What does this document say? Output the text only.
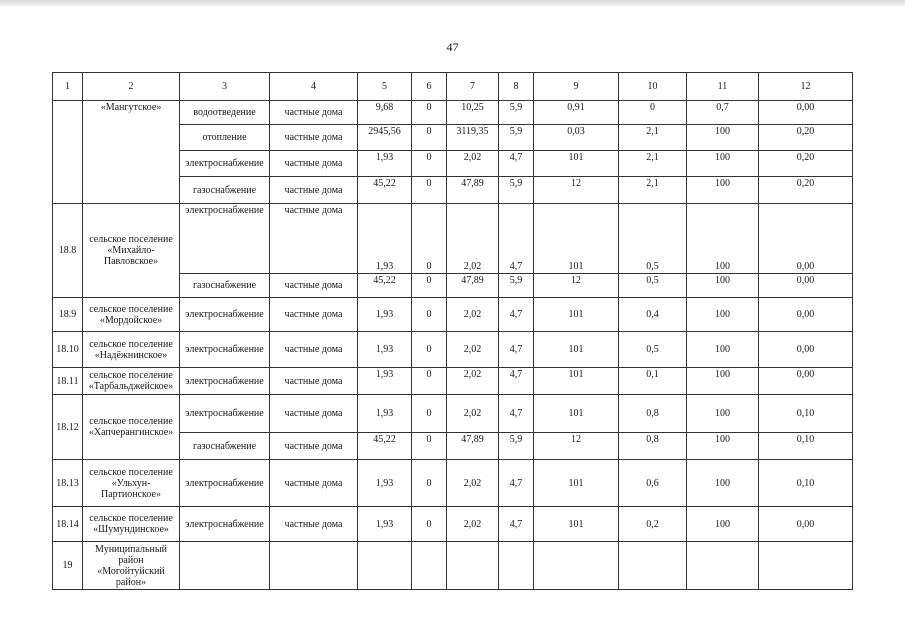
47
1	2	3	4	5	6	7	8	9	10	11	12
	«Мангутское»	водоотведение	частные дома	9,68	0	10,25	5,9	0,91	0	0,7	0,00
		отопление	частные дома	2945,56	0	3119,35	5,9	0,03	2,1	100	0,20
		электроснабжение	частные дома	1,93	0	2,02	4,7	101	2,1	100	0,20
		газоснабжение	частные дома	45,22	0	47,89	5,9	12	2,1	100	0,20
18.8	сельское поселение «Михайло-Павловское»	электроснабжение	частные дома	1,93	0	2,02	4,7	101	0,5	100	0,00
		газоснабжение	частные дома	45,22	0	47,89	5,9	12	0,5	100	0,00
18.9	сельское поселение «Мордойское»	электроснабжение	частные дома	1,93	0	2,02	4,7	101	0,4	100	0,00
18.10	сельское поселение «Надёжнинское»	электроснабжение	частные дома	1,93	0	2,02	4,7	101	0,5	100	0,00
18.11	сельское поселение «Тарбальджейское»	электроснабжение	частные дома	1,93	0	2,02	4,7	101	0,1	100	0,00
18.12	сельское поселение «Хапчерангинское»	электроснабжение	частные дома	1,93	0	2,02	4,7	101	0,8	100	0,10
		газоснабжение	частные дома	45,22	0	47,89	5,9	12	0,8	100	0,10
18.13	сельское поселение «Ульхун-Партионское»	электроснабжение	частные дома	1,93	0	2,02	4,7	101	0,6	100	0,10
18.14	сельское поселение «Шумундинское»	электроснабжение	частные дома	1,93	0	2,02	4,7	101	0,2	100	0,00
19	Муниципальный район «Могойтуйский район»										
